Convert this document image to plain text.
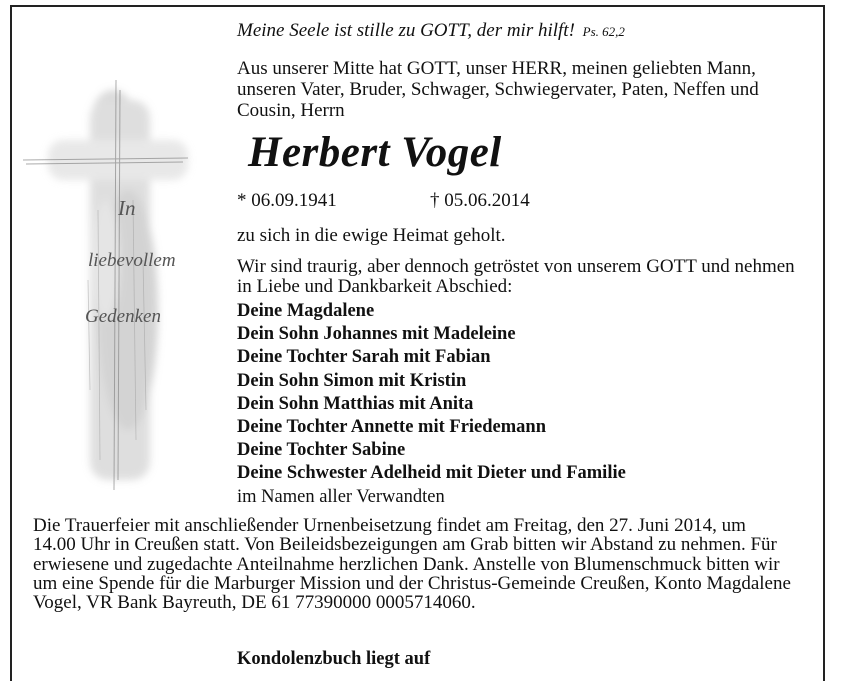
In
liebevollem
Gedenken
Meine Seele ist stille zu GOTT, der mir hilft! Ps. 62,2
Aus unserer Mitte hat GOTT, unser HERR, meinen geliebten Mann, unseren Vater, Bruder, Schwager, Schwiegervater, Paten, Neffen und Cousin, Herrn
Herbert Vogel
* 06.09.1941	† 05.06.2014
zu sich in die ewige Heimat geholt.
Wir sind traurig, aber dennoch getröstet von unserem GOTT und nehmen in Liebe und Dankbarkeit Abschied:
Deine Magdalene
Dein Sohn Johannes mit Madeleine
Deine Tochter Sarah mit Fabian
Dein Sohn Simon mit Kristin
Dein Sohn Matthias mit Anita
Deine Tochter Annette mit Friedemann
Deine Tochter Sabine
Deine Schwester Adelheid mit Dieter und Familie
im Namen aller Verwandten
Die Trauerfeier mit anschließender Urnenbeisetzung findet am Freitag, den 27. Juni 2014, um 14.00 Uhr in Creußen statt. Von Beileidsbezeigungen am Grab bitten wir Abstand zu nehmen. Für erwiesene und zugedachte Anteilnahme herzlichen Dank. Anstelle von Blumenschmuck bitten wir um eine Spende für die Marburger Mission und der Christus-Gemeinde Creußen, Konto Magdalene Vogel, VR Bank Bayreuth, DE 61 77390000 0005714060.
Kondolenzbuch liegt auf
